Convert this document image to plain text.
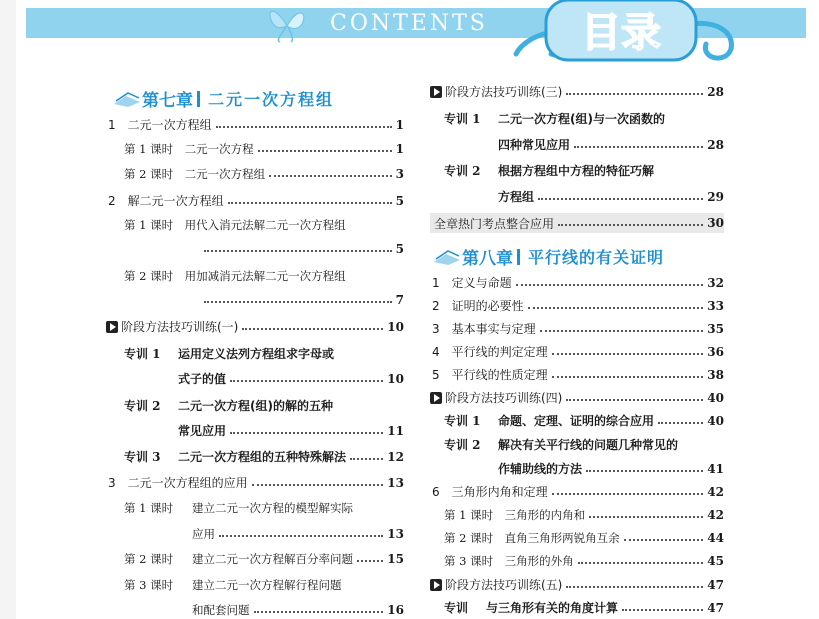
CONTENTS 目录
第七章 二元一次方程组
1　二元一次方程组	1
第 1 课时　二元一次方程	1
第 2 课时　二元一次方程组	3
2　解二元一次方程组	5
第 1 课时　用代入消元法解二元一次方程组
5
第 2 课时　用加减消元法解二元一次方程组
7
阶段方法技巧训练(一)	10
专训 1	运用定义法列方程组求字母或
式子的值	10
专训 2	二元一次方程(组)的解的五种
常见应用	11
专训 3	二元一次方程组的五种特殊解法	12
3　二元一次方程组的应用	13
第 1 课时	建立二元一次方程的模型解实际
应用	13
第 2 课时	建立二元一次方程解百分率问题	15
第 3 课时	建立二元一次方程解行程问题
和配套问题	16
阶段方法技巧训练(三)	28
专训 1	二元一次方程(组)与一次函数的
四种常见应用	28
专训 2	根据方程组中方程的特征巧解
方程组	29
全章热门考点整合应用	30
第八章 平行线的有关证明
1　定义与命题	32
2　证明的必要性	33
3　基本事实与定理	35
4　平行线的判定定理	36
5　平行线的性质定理	38
阶段方法技巧训练(四)	40
专训 1	命题、定理、证明的综合应用	40
专训 2	解决有关平行线的问题几种常见的
作辅助线的方法	41
6　三角形内角和定理	42
第 1 课时　三角形的内角和	42
第 2 课时　直角三角形两锐角互余	44
第 3 课时　三角形的外角	45
阶段方法技巧训练(五)	47
专训	与三角形有关的角度计算	47
